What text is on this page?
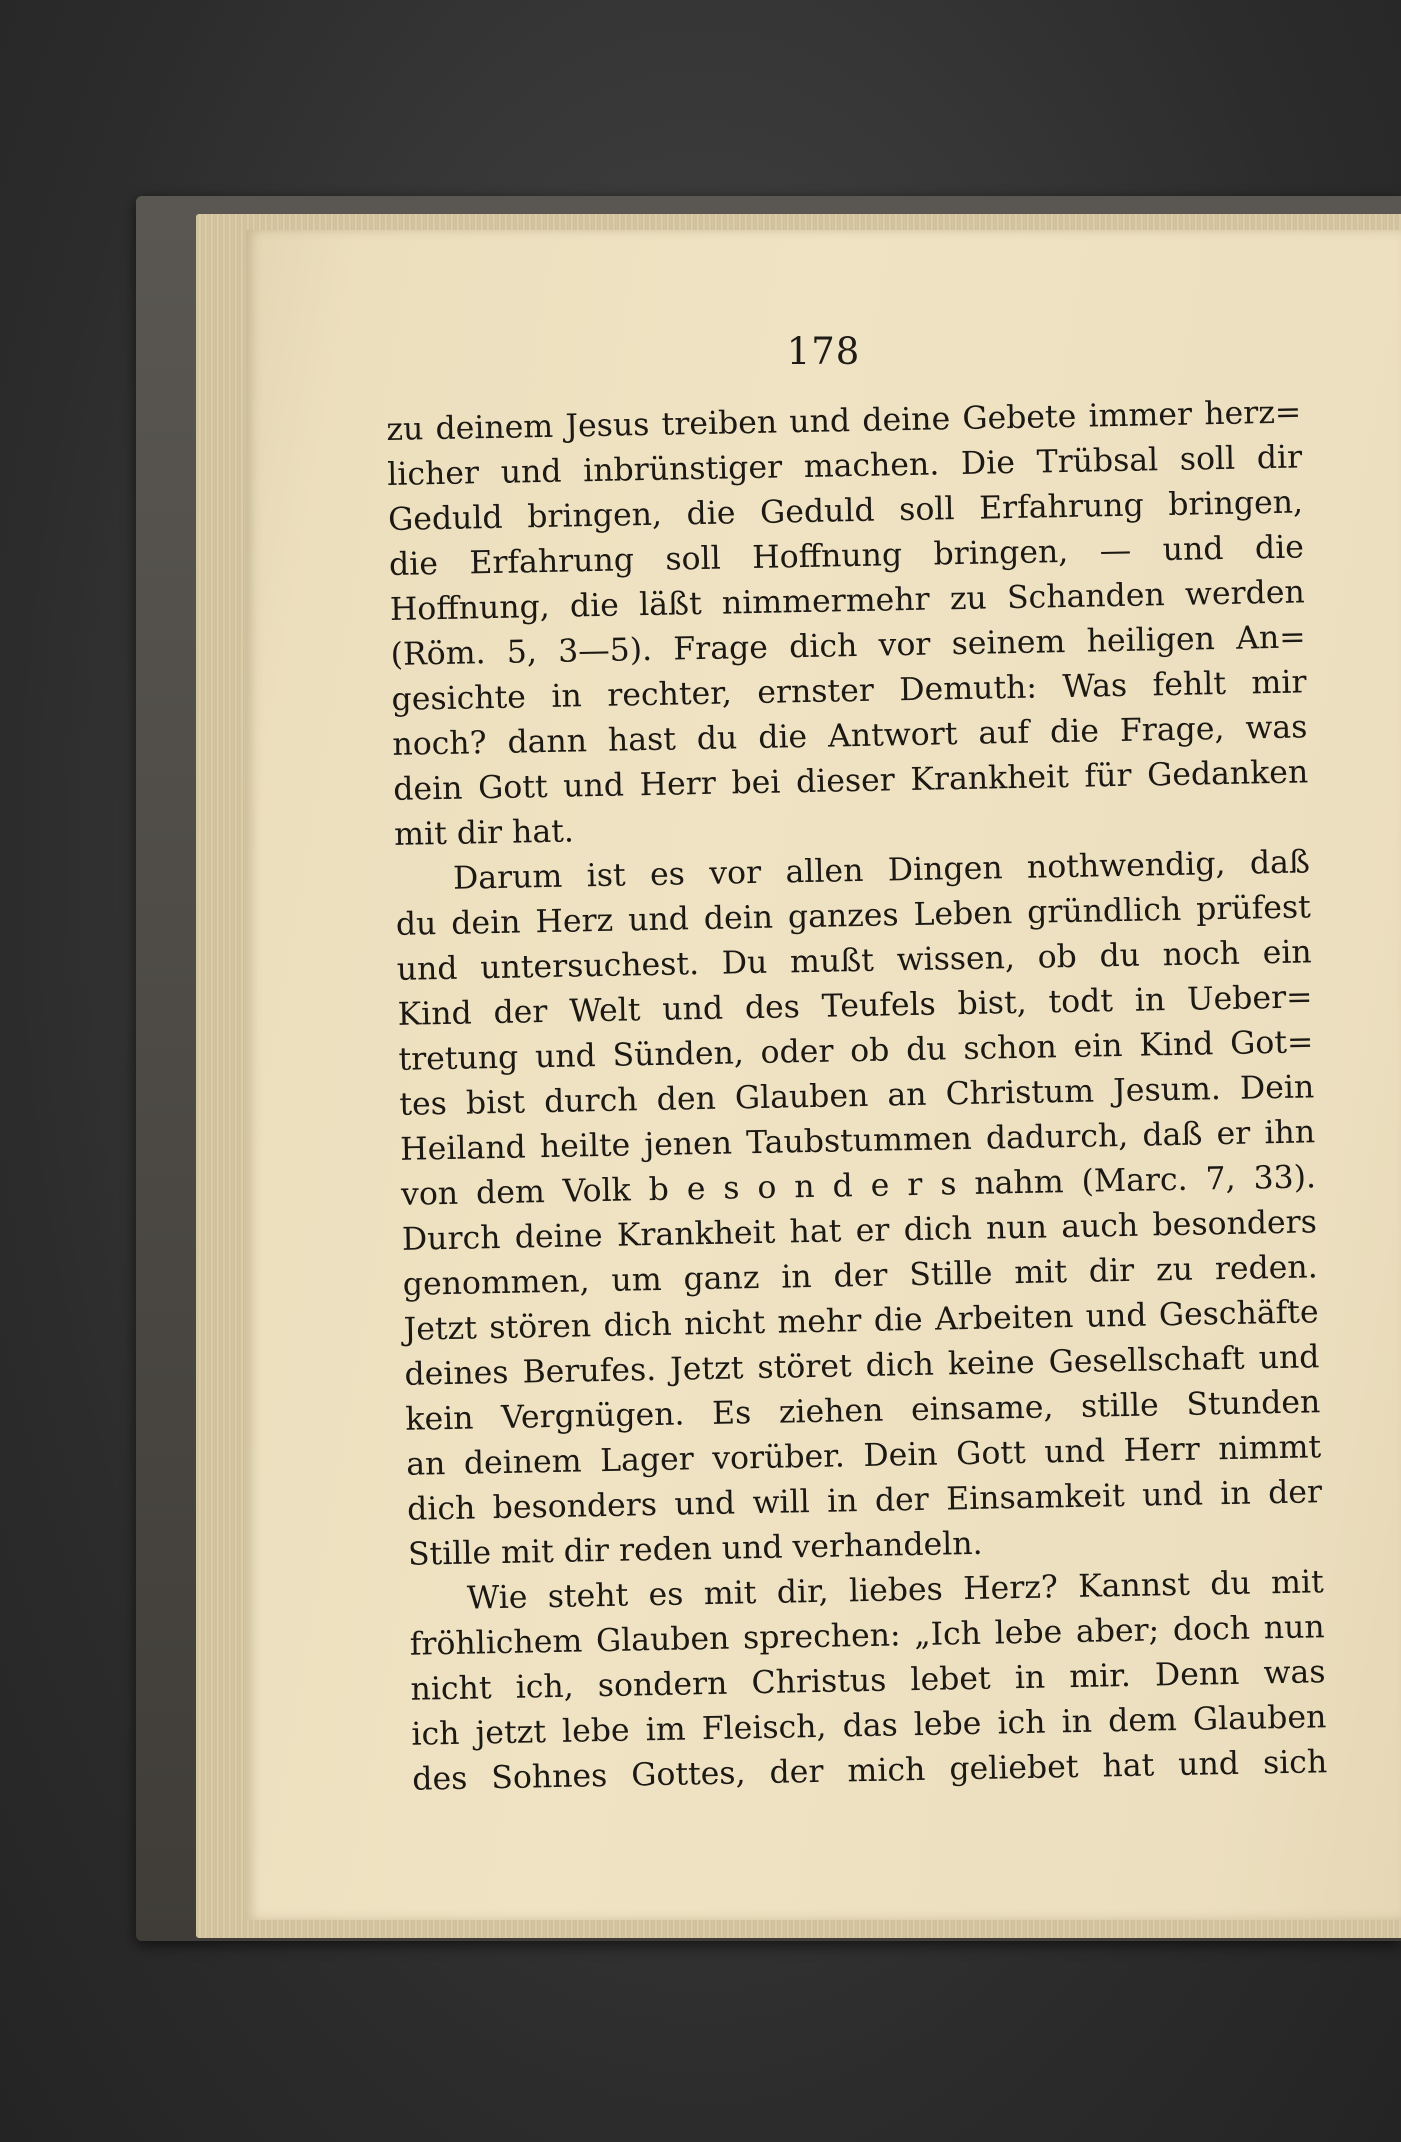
178
zu deinem Jesus treiben und deine Gebete immer herz=
licher und inbrünstiger machen. Die Trübsal soll dir
Geduld bringen, die Geduld soll Erfahrung bringen,
die Erfahrung soll Hoffnung bringen, — und die
Hoffnung, die läßt nimmermehr zu Schanden werden
(Röm. 5, 3—5). Frage dich vor seinem heiligen An=
gesichte in rechter, ernster Demuth: Was fehlt mir
noch? dann hast du die Antwort auf die Frage, was
dein Gott und Herr bei dieser Krankheit für Gedanken
mit dir hat.
Darum ist es vor allen Dingen nothwendig, daß
du dein Herz und dein ganzes Leben gründlich prüfest
und untersuchest. Du mußt wissen, ob du noch ein
Kind der Welt und des Teufels bist, todt in Ueber=
tretung und Sünden, oder ob du schon ein Kind Got=
tes bist durch den Glauben an Christum Jesum. Dein
Heiland heilte jenen Taubstummen dadurch, daß er ihn
von dem Volk b e s o n d e r s nahm (Marc. 7, 33).
Durch deine Krankheit hat er dich nun auch besonders
genommen, um ganz in der Stille mit dir zu reden.
Jetzt stören dich nicht mehr die Arbeiten und Geschäfte
deines Berufes. Jetzt störet dich keine Gesellschaft und
kein Vergnügen. Es ziehen einsame, stille Stunden
an deinem Lager vorüber. Dein Gott und Herr nimmt
dich besonders und will in der Einsamkeit und in der
Stille mit dir reden und verhandeln.
Wie steht es mit dir, liebes Herz? Kannst du mit
fröhlichem Glauben sprechen: „Ich lebe aber; doch nun
nicht ich, sondern Christus lebet in mir. Denn was
ich jetzt lebe im Fleisch, das lebe ich in dem Glauben
des Sohnes Gottes, der mich geliebet hat und sich
